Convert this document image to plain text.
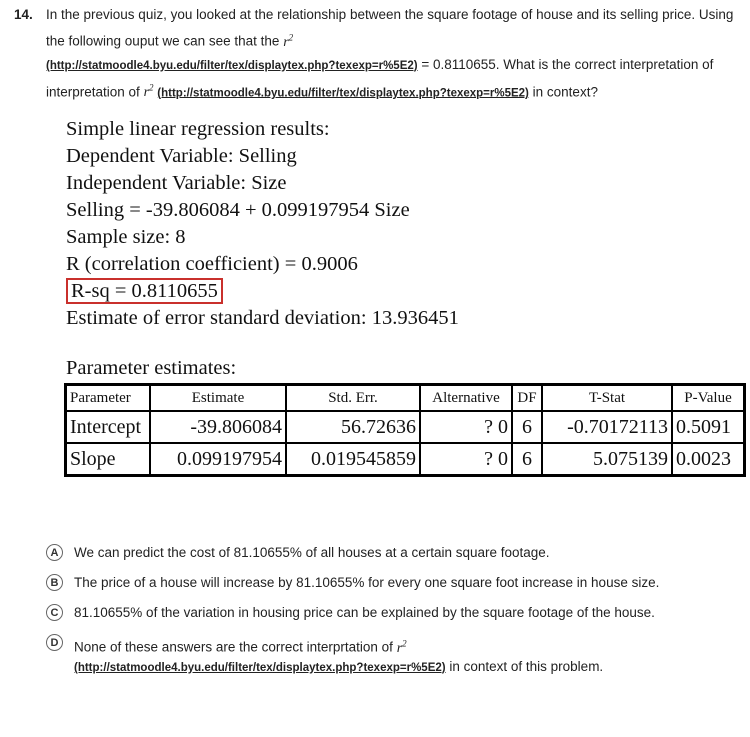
14. In the previous quiz, you looked at the relationship between the square footage of house and its selling price. Using the following ouput we can see that the $r^2$
(http://statmoodle4.byu.edu/filter/tex/displaytex.php?texexp=r%5E2) = 0.8110655. What is the correct interpretation of
interpretation of $r^2$ (http://statmoodle4.byu.edu/filter/tex/displaytex.php?texexp=r%5E2) in context?
Simple linear regression results:
Dependent Variable: Selling
Independent Variable: Size
Selling = -39.806084 + 0.099197954 Size
Sample size: 8
R (correlation coefficient) = 0.9006
R-sq = 0.8110655
Estimate of error standard deviation: 13.936451
Parameter estimates:
Parameter	Estimate	Std. Err.	Alternative	DF	T-Stat	P-Value
Intercept	-39.806084	56.72636	? 0	6	-0.70172113	0.5091
Slope	0.099197954	0.019545859	? 0	6	5.075139	0.0023
A	We can predict the cost of 81.10655% of all houses at a certain square footage.
B	The price of a house will increase by 81.10655% for every one square foot increase in house size.
C	81.10655% of the variation in housing price can be explained by the square footage of the house.
D	None of these answers are the correct interprtation of $r^2$
(http://statmoodle4.byu.edu/filter/tex/displaytex.php?texexp=r%5E2) in context of this problem.
